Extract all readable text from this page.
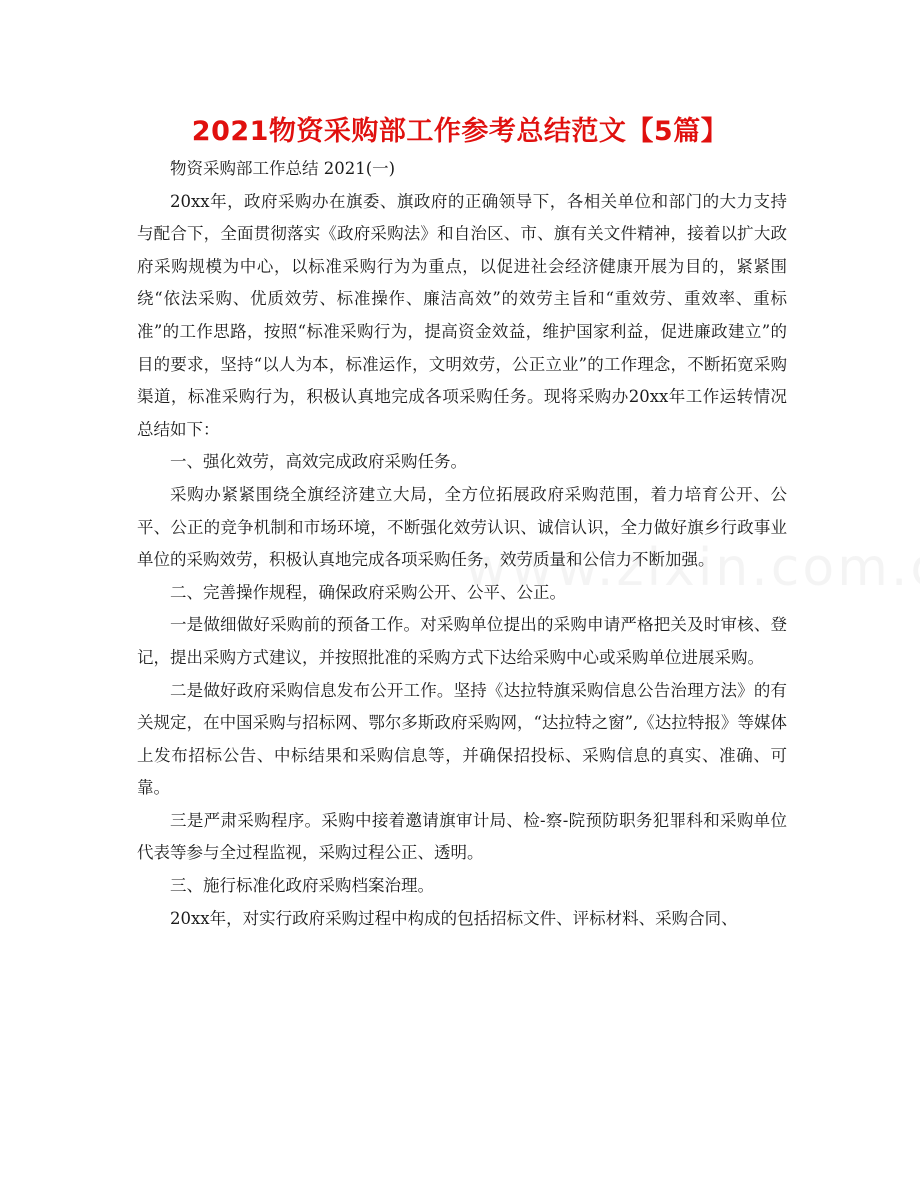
2021物资采购部工作参考总结范文【5篇】

物资采购部工作总结 2021(一)

20xx年，政府采购办在旗委、旗政府的正确领导下，各相关单位和部门的大力支持与配合下，全面贯彻落实《政府采购法》和自治区、市、旗有关文件精神，接着以扩大政府采购规模为中心，以标准采购行为为重点，以促进社会经济健康开展为目的，紧紧围绕“依法采购、优质效劳、标准操作、廉洁高效”的效劳主旨和“重效劳、重效率、重标准”的工作思路，按照“标准采购行为，提高资金效益，维护国家利益，促进廉政建立”的目的要求，坚持“以人为本，标准运作，文明效劳，公正立业”的工作理念，不断拓宽采购渠道，标准采购行为，积极认真地完成各项采购任务。现将采购办20xx年工作运转情况总结如下：

一、强化效劳，高效完成政府采购任务。

采购办紧紧围绕全旗经济建立大局，全方位拓展政府采购范围，着力培育公开、公平、公正的竞争机制和市场环境，不断强化效劳认识、诚信认识，全力做好旗乡行政事业单位的采购效劳，积极认真地完成各项采购任务，效劳质量和公信力不断加强。

二、完善操作规程，确保政府采购公开、公平、公正。

一是做细做好采购前的预备工作。对采购单位提出的采购申请严格把关及时审核、登记，提出采购方式建议，并按照批准的采购方式下达给采购中心或采购单位进展采购。

二是做好政府采购信息发布公开工作。坚持《达拉特旗采购信息公告治理方法》的有关规定，在中国采购与招标网、鄂尔多斯政府采购网，“达拉特之窗”,《达拉特报》等媒体上发布招标公告、中标结果和采购信息等，并确保招投标、采购信息的真实、准确、可靠。

三是严肃采购程序。采购中接着邀请旗审计局、检-察-院预防职务犯罪科和采购单位代表等参与全过程监视，采购过程公正、透明。

三、施行标准化政府采购档案治理。

20xx年，对实行政府采购过程中构成的包括招标文件、评标材料、采购合同、
